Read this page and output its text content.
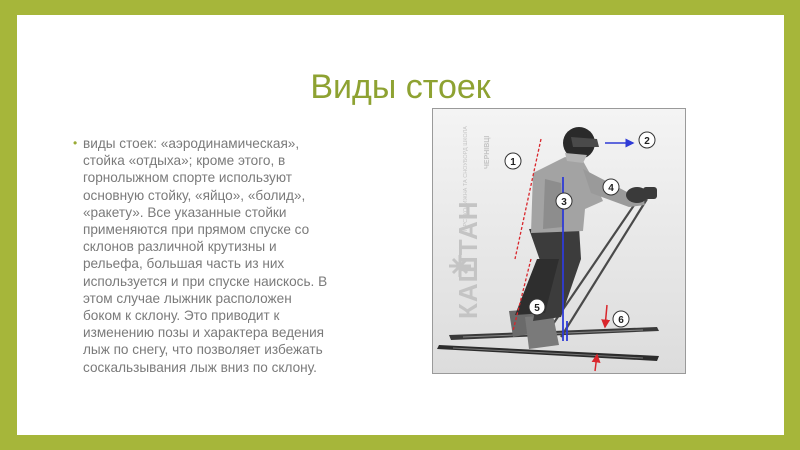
Виды стоек
• виды стоек: «аэродинамическая»,
стойка «отдыха»; кроме этого, в
горнолыжном спорте используют
основную стойку, «яйцо», «болид»,
«ракету». Все указанные стойки
применяются при прямом спуске со
склонов различной крутизны и
рельефа, большая часть из них
используется и при спуске наискось. В
этом случае лыжник расположен
боком к склону. Это приводит к
изменению позы и характера ведения
лыж по снегу, что позволяет избежать
соскальзывания лыж вниз по склону.
КАШТАН
ГІРСЬКОЛИЖНА ТА СНОУБОРД ШКОЛА ЧЕРНІВЦІ 1
2
3
4
5
6
